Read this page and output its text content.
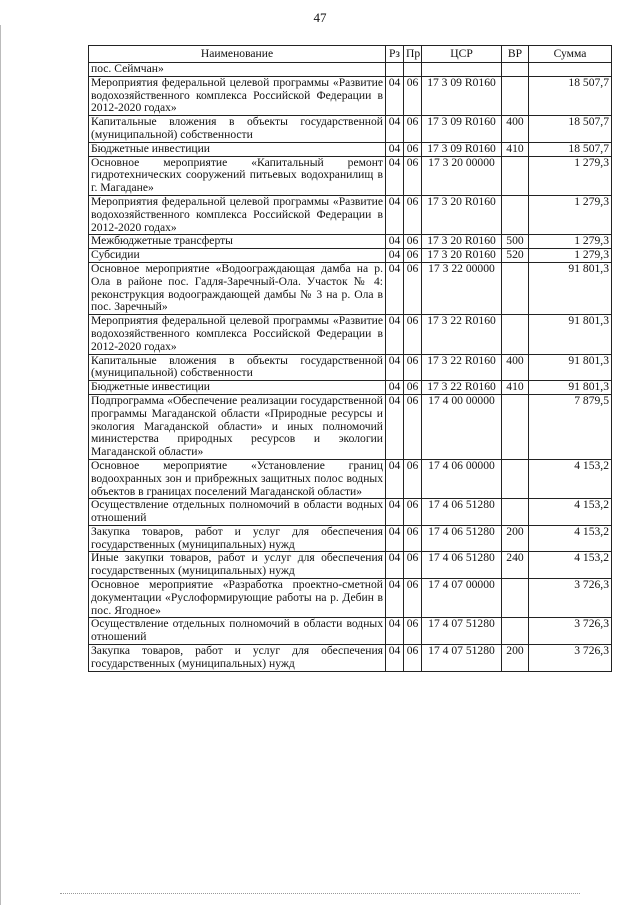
47
Наименование	Рз	Пр	ЦСР	ВР	Сумма
пос. Сеймчан»					
Мероприятия федеральной целевой программы «Развитие водохозяйственного комплекса Российской Федерации в 2012-2020 годах»	04	06	17 3 09 R0160		18 507,7
Капитальные вложения в объекты государственной (муниципальной) собственности	04	06	17 3 09 R0160	400	18 507,7
Бюджетные инвестиции	04	06	17 3 09 R0160	410	18 507,7
Основное мероприятие «Капитальный ремонт гидротехнических сооружений питьевых водохранилищ в г. Магадане»	04	06	17 3 20 00000		1 279,3
Мероприятия федеральной целевой программы «Развитие водохозяйственного комплекса Российской Федерации в 2012-2020 годах»	04	06	17 3 20 R0160		1 279,3
Межбюджетные трансферты	04	06	17 3 20 R0160	500	1 279,3
Субсидии	04	06	17 3 20 R0160	520	1 279,3
Основное мероприятие «Водоограждающая дамба на р. Ола в районе пос. Гадля-Заречный-Ола. Участок № 4: реконструкция водоограждающей дамбы № 3 на р. Ола в пос. Заречный»	04	06	17 3 22 00000		91 801,3
Мероприятия федеральной целевой программы «Развитие водохозяйственного комплекса Российской Федерации в 2012-2020 годах»	04	06	17 3 22 R0160		91 801,3
Капитальные вложения в объекты государственной (муниципальной) собственности	04	06	17 3 22 R0160	400	91 801,3
Бюджетные инвестиции	04	06	17 3 22 R0160	410	91 801,3
Подпрограмма «Обеспечение реализации государственной программы Магаданской области «Природные ресурсы и экология Магаданской области» и иных полномочий министерства природных ресурсов и экологии Магаданской области»	04	06	17 4 00 00000		7 879,5
Основное мероприятие «Установление границ водоохранных зон и прибрежных защитных полос водных объектов в границах поселений Магаданской области»	04	06	17 4 06 00000		4 153,2
Осуществление отдельных полномочий в области водных отношений	04	06	17 4 06 51280		4 153,2
Закупка товаров, работ и услуг для обеспечения государственных (муниципальных) нужд	04	06	17 4 06 51280	200	4 153,2
Иные закупки товаров, работ и услуг для обеспечения государственных (муниципальных) нужд	04	06	17 4 06 51280	240	4 153,2
Основное мероприятие «Разработка проектно-сметной документации «Руслоформирующие работы на р. Дебин в пос. Ягодное»	04	06	17 4 07 00000		3 726,3
Осуществление отдельных полномочий в области водных отношений	04	06	17 4 07 51280		3 726,3
Закупка товаров, работ и услуг для обеспечения государственных (муниципальных) нужд	04	06	17 4 07 51280	200	3 726,3
